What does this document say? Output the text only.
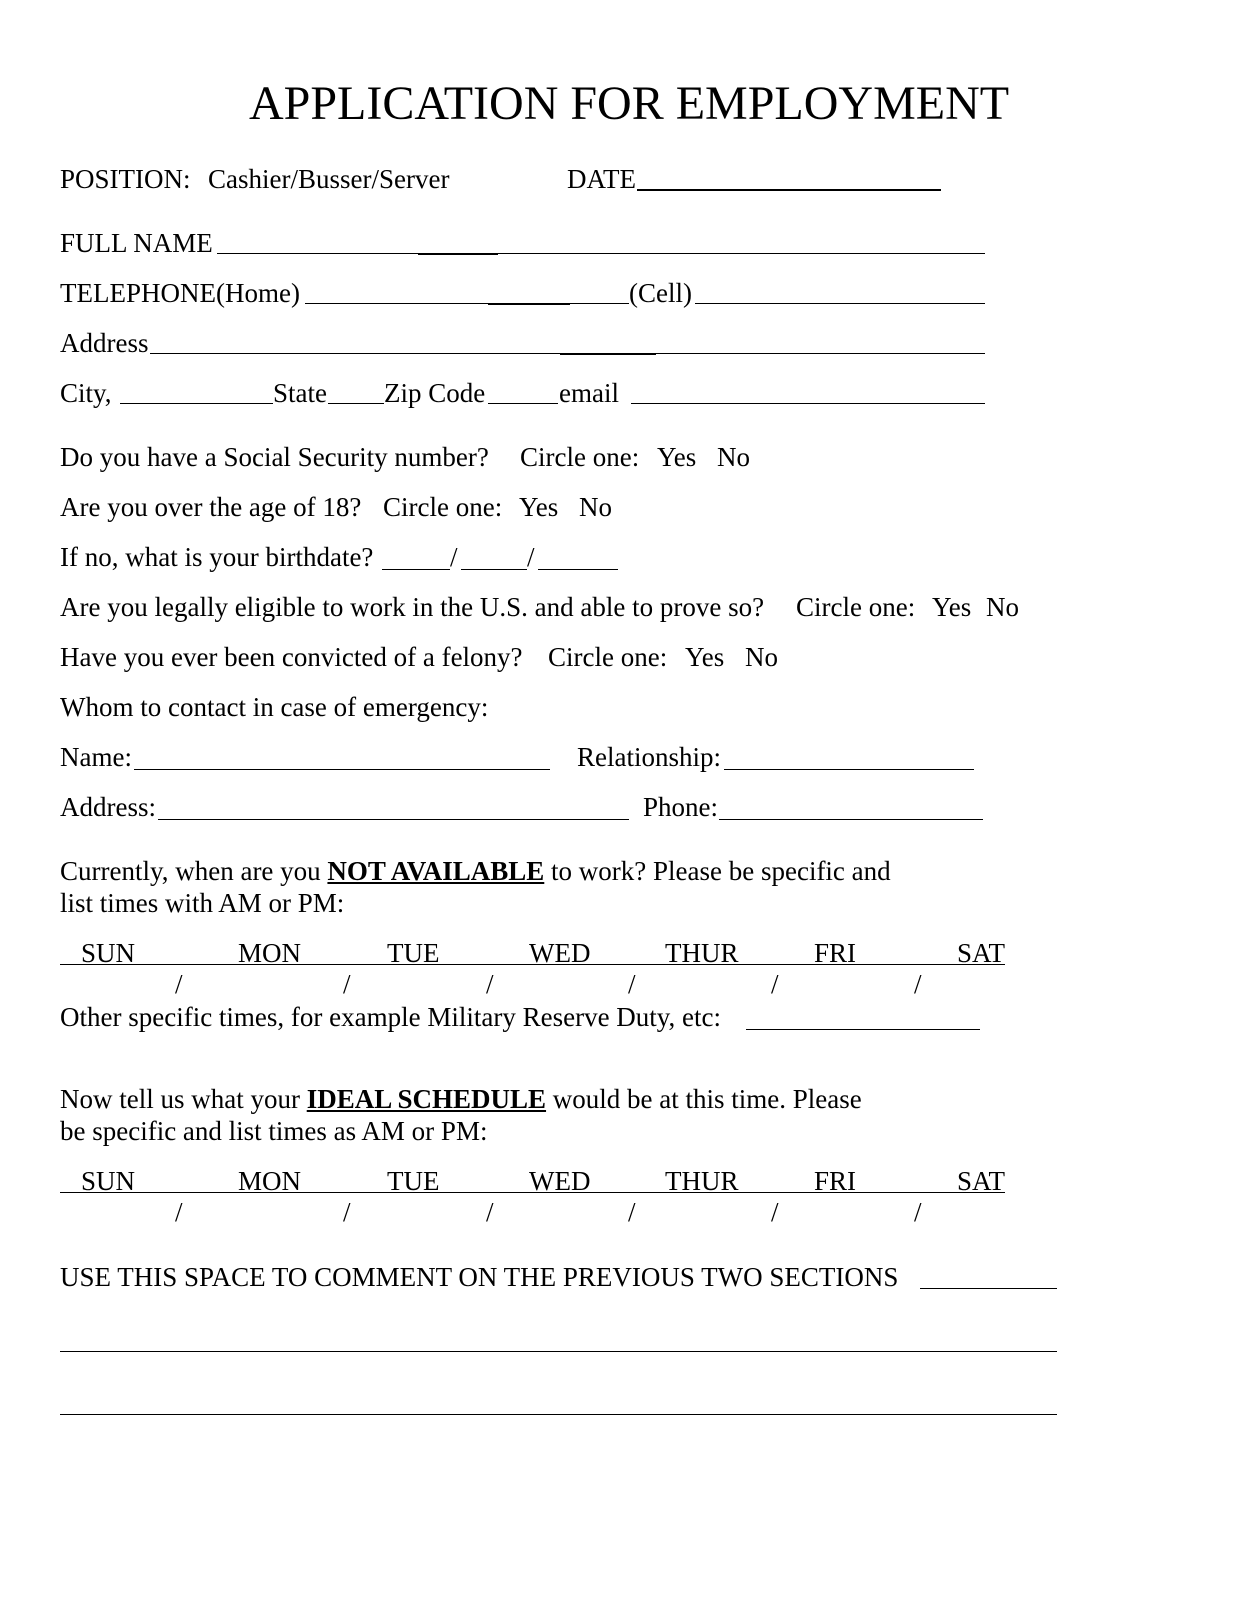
APPLICATION FOR EMPLOYMENT
POSITION: Cashier/Busser/Server	DATE
FULL NAME
TELEPHONE(Home)	(Cell)
Address
City,	State Zip Code	email
Do you have a Social Security number? Circle one: Yes No
Are you over the age of 18? Circle one: Yes No
If no, what is your birthdate?	/	/
Are you legally eligible to work in the U.S. and able to prove so? Circle one: Yes No
Have you ever been convicted of a felony? Circle one: Yes No
Whom to contact in case of emergency:
Name:	Relationship:
Address:	Phone:
Currently, when are you NOT AVAILABLE to work? Please be specific and
list times with AM or PM:
SUN	MON	TUE	WED	THUR	FRI	SAT
/	/	/	/	/	/
Other specific times, for example Military Reserve Duty, etc:
Now tell us what your IDEAL SCHEDULE would be at this time. Please
be specific and list times as AM or PM:
SUN	MON	TUE	WED	THUR	FRI	SAT
/	/	/	/	/	/
USE THIS SPACE TO COMMENT ON THE PREVIOUS TWO SECTIONS
